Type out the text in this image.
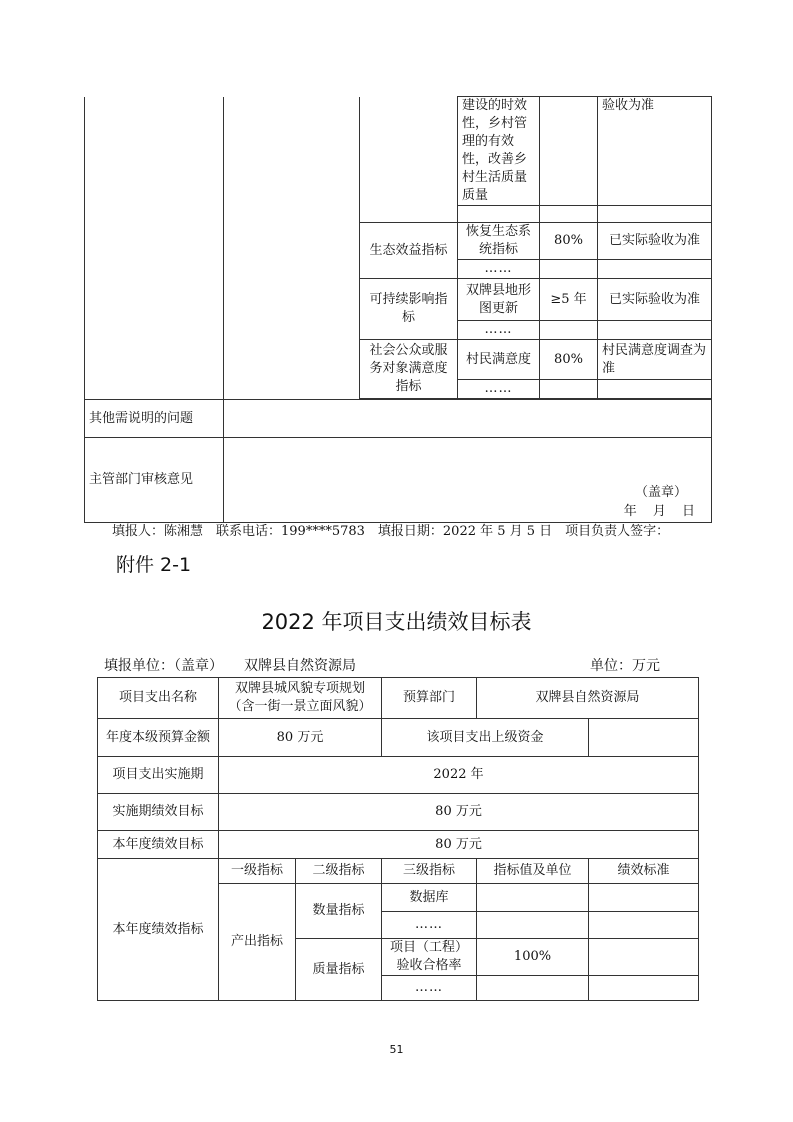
			建设的时效性，乡村管理的有效性，改善乡村生活质量质量		验收为准

		生态效益指标	恢复生态系统指标	80%	已实际验收为准
			……		
		可持续影响指标	双牌县地形图更新	≥5 年	已实际验收为准
			……		
		社会公众或服务对象满意度指标	村民满意度	80%	村民满意度调查为准
			……		

其他需说明的问题					
主管部门审核意见	（盖章）
年 月 日				
填报人：陈湘慧　联系电话：199****5783　填报日期：2022 年 5 月 5 日　项目负责人签字：
附件 2-1
2022 年项目支出绩效目标表
填报单位：（盖章）　　双牌县自然资源局	单位：万元
项目支出名称	双牌县城风貌专项规划（含一街一景立面风貌）		预算部门	双牌县自然资源局	
年度本级预算金额	80 万元		该项目支出上级资金		
项目支出实施期	2022 年				
实施期绩效目标	80 万元				
本年度绩效目标	80 万元				
本年度绩效指标	一级指标	二级指标	三级指标	指标值及单位	绩效标准
	产出指标	数量指标	数据库		
			……		
		质量指标	项目（工程）验收合格率	100%	
			……		
51
